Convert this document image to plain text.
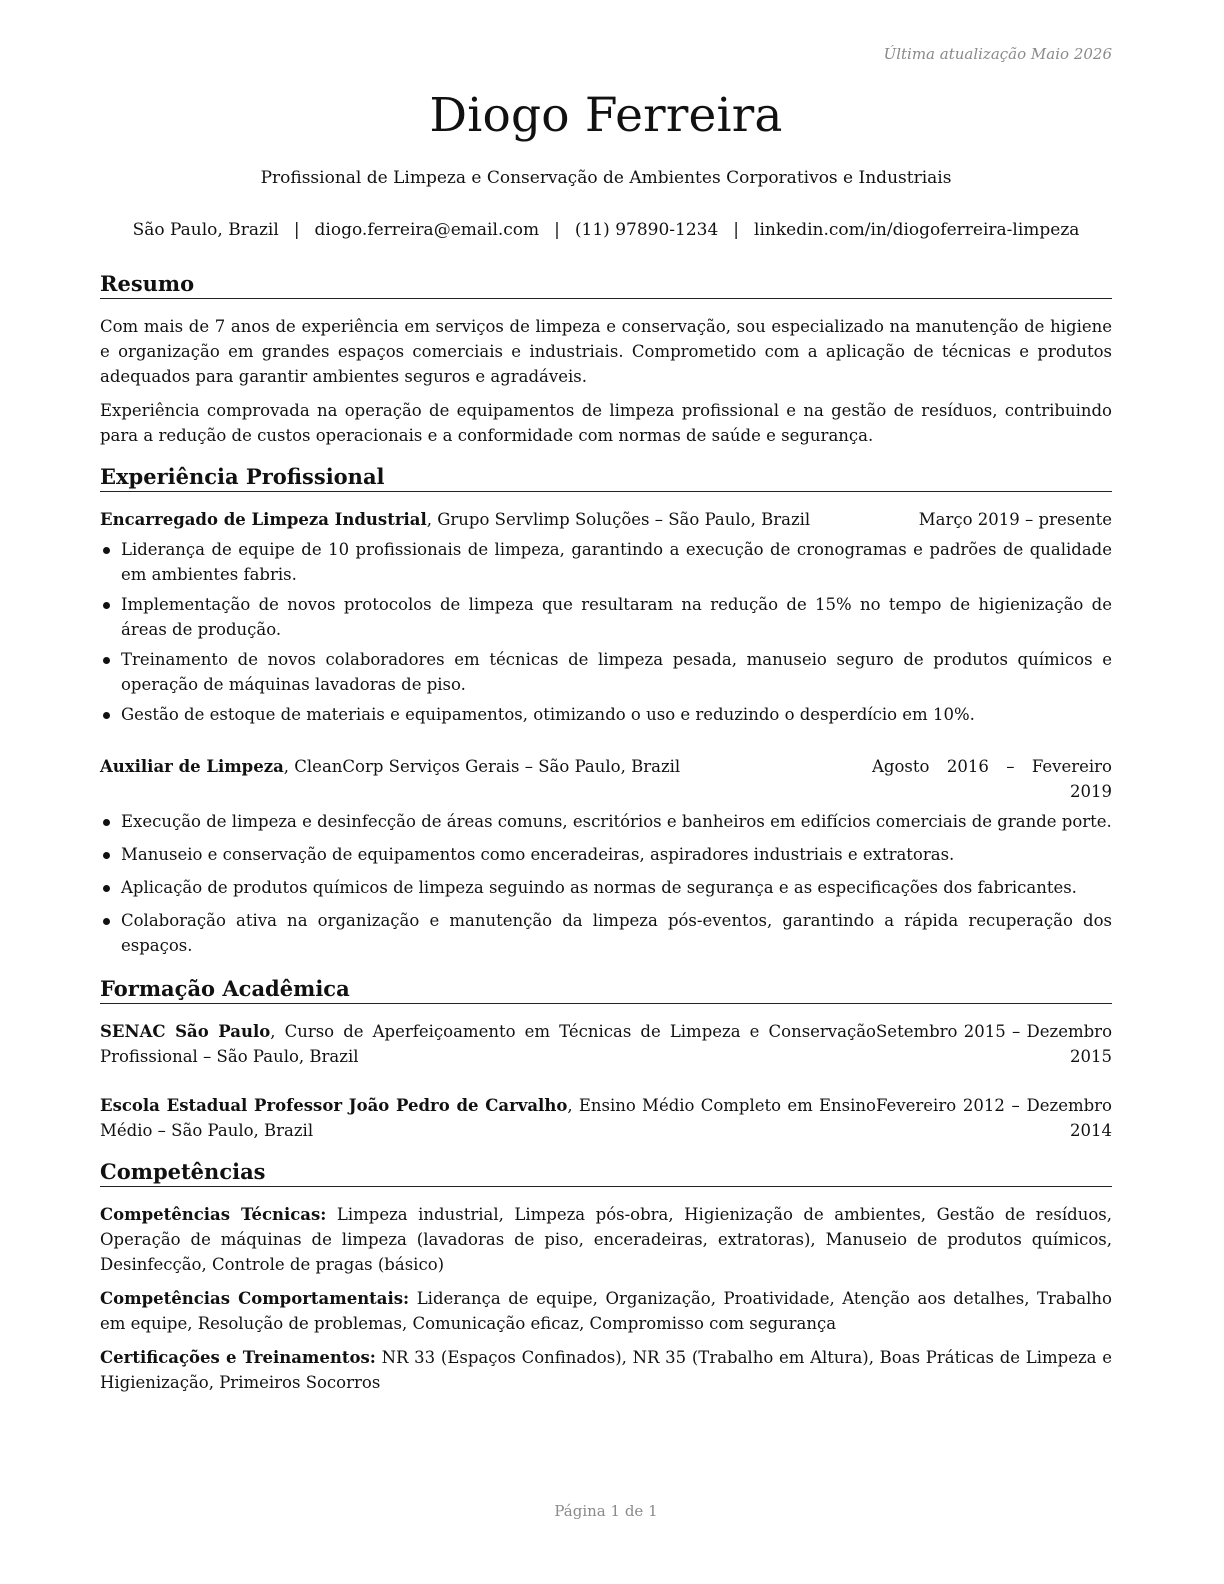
Última atualização Maio 2026
Diogo Ferreira
Profissional de Limpeza e Conservação de Ambientes Corporativos e Industriais
São Paulo, Brazil | diogo.ferreira@email.com | (11) 97890-1234 | linkedin.com/in/diogoferreira-limpeza
Resumo
Com mais de 7 anos de experiência em serviços de limpeza e conservação, sou especializado na manutenção de higiene e organização em grandes espaços comerciais e industriais. Comprometido com a aplicação de técnicas e produtos adequados para garantir ambientes seguros e agradáveis.
Experiência comprovada na operação de equipamentos de limpeza profissional e na gestão de resíduos, contribuindo para a redução de custos operacionais e a conformidade com normas de saúde e segurança.
Experiência Profissional
Encarregado de Limpeza Industrial, Grupo Servlimp Soluções – São Paulo, Brazil	Março 2019 – presente
Liderança de equipe de 10 profissionais de limpeza, garantindo a execução de cronogramas e padrões de qualidade em ambientes fabris.
Implementação de novos protocolos de limpeza que resultaram na redução de 15% no tempo de higienização de áreas de produção.
Treinamento de novos colaboradores em técnicas de limpeza pesada, manuseio seguro de produtos químicos e operação de máquinas lavadoras de piso.
Gestão de estoque de materiais e equipamentos, otimizando o uso e reduzindo o desperdício em 10%.
Auxiliar de Limpeza, CleanCorp Serviços Gerais – São Paulo, Brazil	Agosto 2016 – Fevereiro 2019
Execução de limpeza e desinfecção de áreas comuns, escritórios e banheiros em edifícios comerciais de grande porte.
Manuseio e conservação de equipamentos como enceradeiras, aspiradores industriais e extratoras.
Aplicação de produtos químicos de limpeza seguindo as normas de segurança e as especificações dos fabricantes.
Colaboração ativa na organização e manutenção da limpeza pós-eventos, garantindo a rápida recuperação dos espaços.
Formação Acadêmica
SENAC São Paulo, Curso de Aperfeiçoamento em Técnicas de Limpeza e Conservação Profissional – São Paulo, Brazil
Setembro 2015 – Dezembro 2015
Escola Estadual Professor João Pedro de Carvalho, Ensino Médio Completo em Ensino Médio – São Paulo, Brazil
Fevereiro 2012 – Dezembro 2014
Competências
Competências Técnicas: Limpeza industrial, Limpeza pós-obra, Higienização de ambientes, Gestão de resíduos, Operação de máquinas de limpeza (lavadoras de piso, enceradeiras, extratoras), Manuseio de produtos químicos, Desinfecção, Controle de pragas (básico)
Competências Comportamentais: Liderança de equipe, Organização, Proatividade, Atenção aos detalhes, Trabalho em equipe, Resolução de problemas, Comunicação eficaz, Compromisso com segurança
Certificações e Treinamentos: NR 33 (Espaços Confinados), NR 35 (Trabalho em Altura), Boas Práticas de Limpeza e Higienização, Primeiros Socorros
Página 1 de 1
